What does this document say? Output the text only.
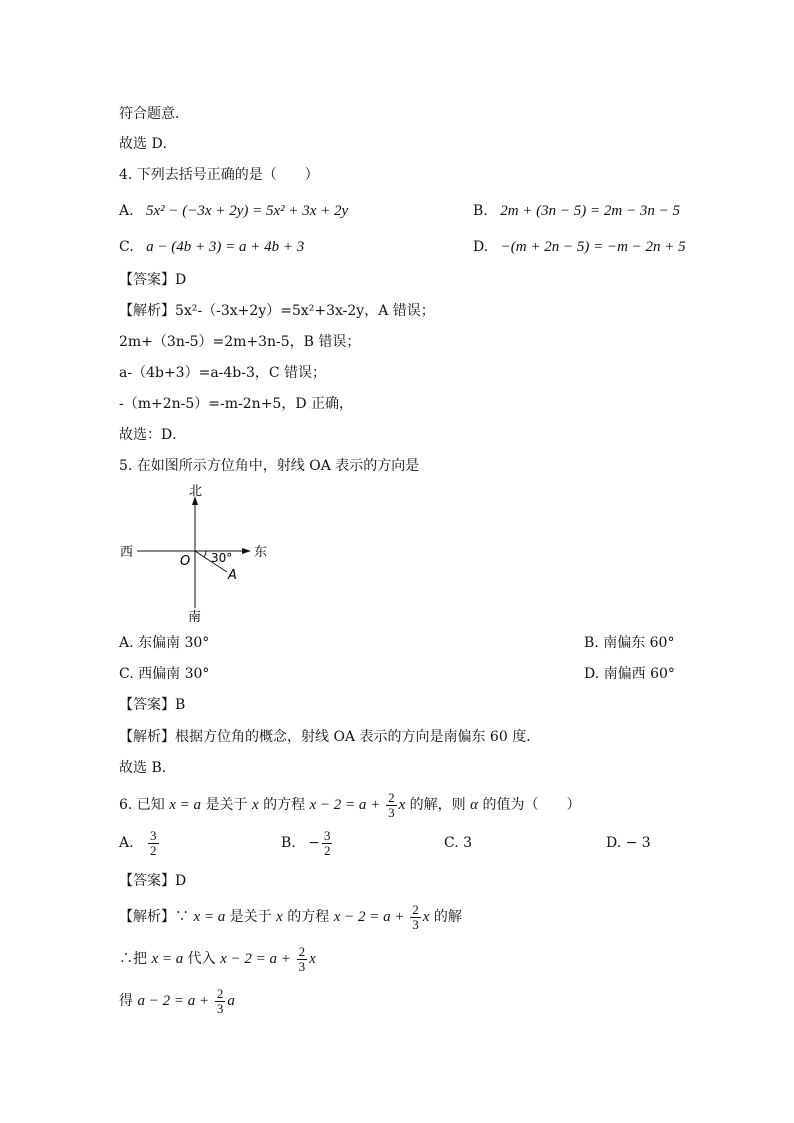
符合题意．
故选 D．
4. 下列去括号正确的是（　　）
A. 5x² − (−3x + 2y) = 5x² + 3x + 2y	B. 2m + (3n − 5) = 2m − 3n − 5
C. a − (4b + 3) = a + 4b + 3	D. −(m + 2n − 5) = −m − 2n + 5
【答案】D
【解析】5x²-（-3x+2y）=5x²+3x-2y，A 错误；
2m+（3n-5）=2m+3n-5，B 错误；
a-（4b+3）=a-4b-3，C 错误；
-（m+2n-5）=-m-2n+5，D 正确，
故选：D．
5. 在如图所示方位角中，射线 OA 表示的方向是
北
南
东
西
O
A
30°
A. 东偏南 30°	B. 南偏东 60°
C. 西偏南 30°	D. 南偏西 60°
【答案】B
【解析】根据方位角的概念，射线 OA 表示的方向是南偏东 60 度．
故选 B．
6. 已知 x = a 是关于 x 的方程 $x - 2 = a + \frac{2}{3}$ x 的解，则 α 的值为（　　）
A. $\frac{3}{2}$	B. − $\frac{3}{2}$	C. 3	D. − 3
【答案】D
【解析】∵ x = a 是关于 x 的方程 $x - 2 = a + \frac{2}{3}$ x 的解
∴把 x = a 代入 $x - 2 = a + \frac{2}{3}$ x
得 $a - 2 = a + \frac{2}{3}$ a
